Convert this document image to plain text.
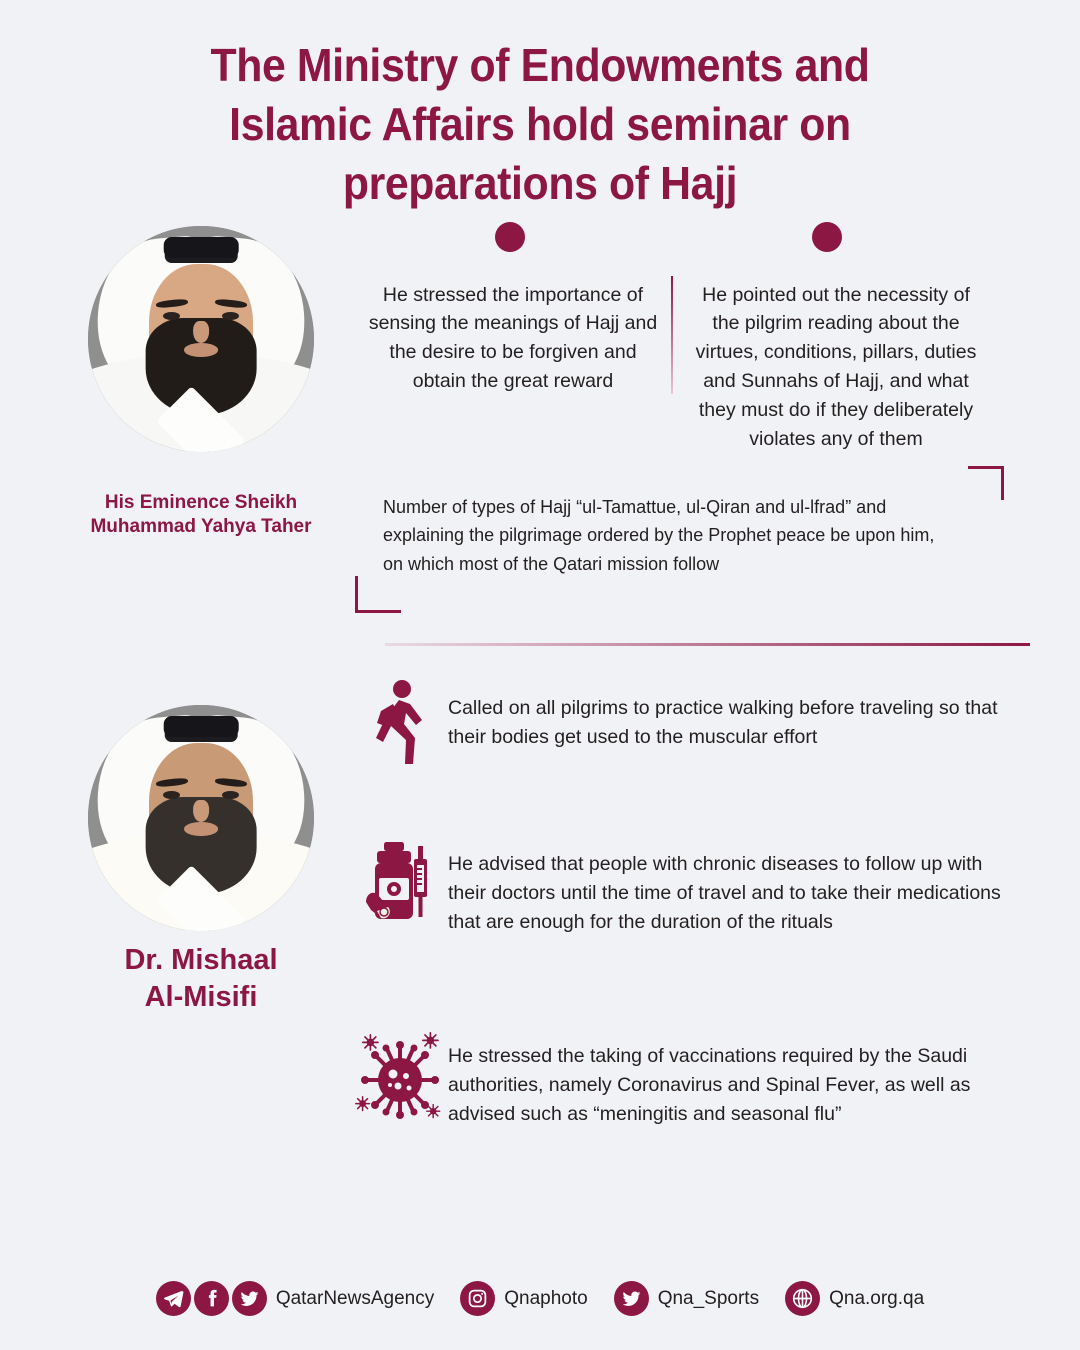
The Ministry of Endowments and
Islamic Affairs hold seminar on
preparations of Hajj
His Eminence Sheikh
Muhammad Yahya Taher
He stressed the importance of sensing the meanings of Hajj and the desire to be forgiven and obtain the great reward
He pointed out the necessity of the pilgrim reading about the virtues, conditions, pillars, duties and Sunnahs of Hajj, and what they must do if they deliberately violates any of them
Number of types of Hajj “ul-Tamattue, ul-Qiran and ul-lfrad” and explaining the pilgrimage ordered by the Prophet peace be upon him, on which most of the Qatari mission follow
Dr. Mishaal
Al-Misifi
Called on all pilgrims to practice walking before traveling so that their bodies get used to the muscular effort
He advised that people with chronic diseases to follow up with their doctors until the time of travel and to take their medications that are enough for the duration of the rituals
He stressed the taking of vaccinations required by the Saudi authorities, namely Coronavirus and Spinal Fever, as well as advised such as “meningitis and seasonal flu”
QatarNewsAgency	Qnaphoto	Qna_Sports	Qna.org.qa
